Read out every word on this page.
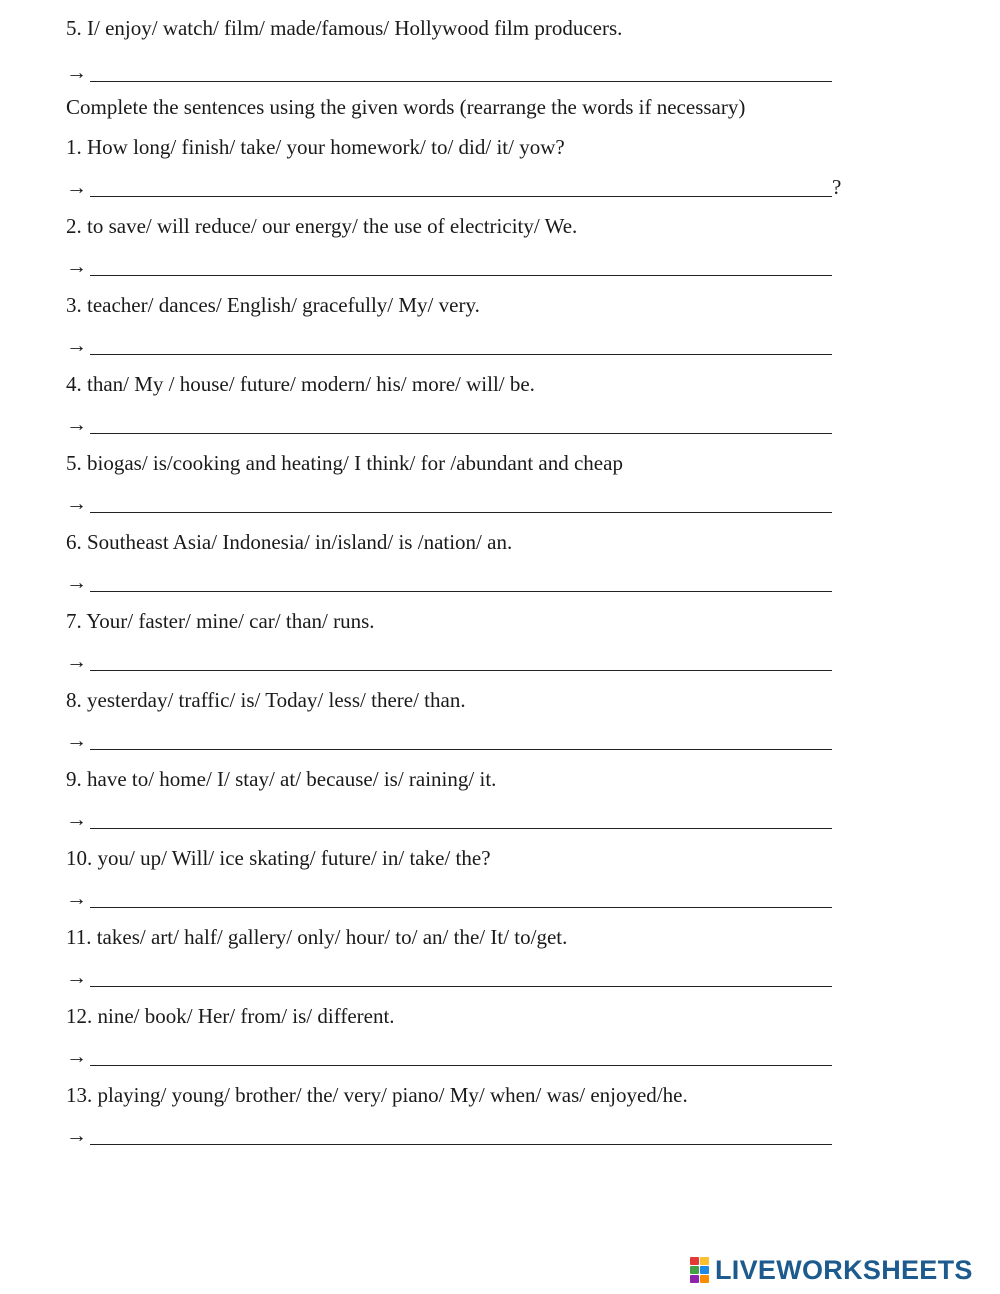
5. I/ enjoy/ watch/ film/ made/famous/ Hollywood film producers.
→
Complete the sentences using the given words (rearrange the words if necessary)
1. How long/ finish/ take/ your homework/ to/ did/ it/ yow?
→	?
2. to save/ will reduce/ our energy/ the use of electricity/ We.
→
3. teacher/ dances/ English/ gracefully/ My/ very.
→
4. than/ My / house/ future/ modern/ his/ more/ will/ be.
→
5. biogas/ is/cooking and heating/ I think/ for /abundant and cheap
→
6. Southeast Asia/ Indonesia/ in/island/ is /nation/ an.
→
7. Your/ faster/ mine/ car/ than/ runs.
→
8. yesterday/ traffic/ is/ Today/ less/ there/ than.
→
9. have to/ home/ I/ stay/ at/ because/ is/ raining/ it.
→
10. you/ up/ Will/ ice skating/ future/ in/ take/ the?
→
11. takes/ art/ half/ gallery/ only/ hour/ to/ an/ the/ It/ to/get.
→
12. nine/ book/ Her/ from/ is/ different.
→
13. playing/ young/ brother/ the/ very/ piano/ My/ when/ was/ enjoyed/he.
→
LIVEWORKSHEETS
